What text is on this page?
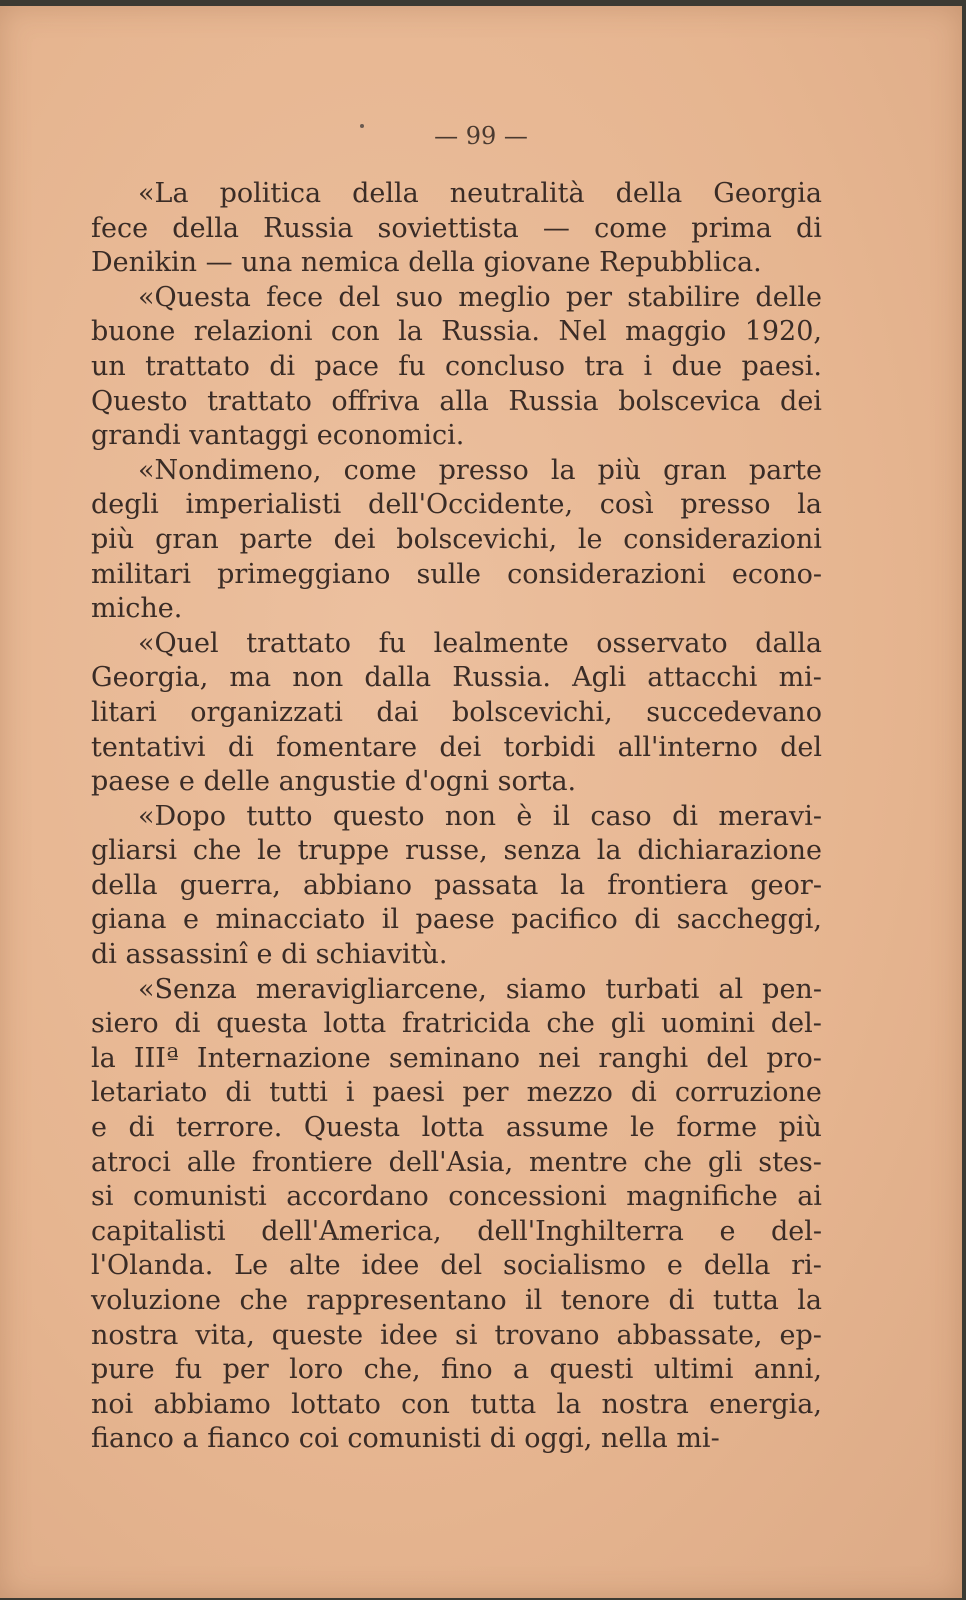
— 99 —
«La politica della neutralità della Georgia
fece della Russia soviettista — come prima di
Denikin — una nemica della giovane Repubblica.
«Questa fece del suo meglio per stabilire delle
buone relazioni con la Russia. Nel maggio 1920,
un trattato di pace fu concluso tra i due paesi.
Questo trattato offriva alla Russia bolscevica dei
grandi vantaggi economici.
«Nondimeno, come presso la più gran parte
degli imperialisti dell'Occidente, così presso la
più gran parte dei bolscevichi, le considerazioni
militari primeggiano sulle considerazioni econo-
miche.
«Quel trattato fu lealmente osservato dalla
Georgia, ma non dalla Russia. Agli attacchi mi-
litari organizzati dai bolscevichi, succedevano
tentativi di fomentare dei torbidi all'interno del
paese e delle angustie d'ogni sorta.
«Dopo tutto questo non è il caso di meravi-
gliarsi che le truppe russe, senza la dichiarazione
della guerra, abbiano passata la frontiera geor-
giana e minacciato il paese pacifico di saccheggi,
di assassinî e di schiavitù.
«Senza meravigliarcene, siamo turbati al pen-
siero di questa lotta fratricida che gli uomini del-
la IIIª Internazione seminano nei ranghi del pro-
letariato di tutti i paesi per mezzo di corruzione
e di terrore. Questa lotta assume le forme più
atroci alle frontiere dell'Asia, mentre che gli stes-
si comunisti accordano concessioni magnifiche ai
capitalisti dell'America, dell'Inghilterra e del-
l'Olanda. Le alte idee del socialismo e della ri-
voluzione che rappresentano il tenore di tutta la
nostra vita, queste idee si trovano abbassate, ep-
pure fu per loro che, fino a questi ultimi anni,
noi abbiamo lottato con tutta la nostra energia,
fianco a fianco coi comunisti di oggi, nella mi-
